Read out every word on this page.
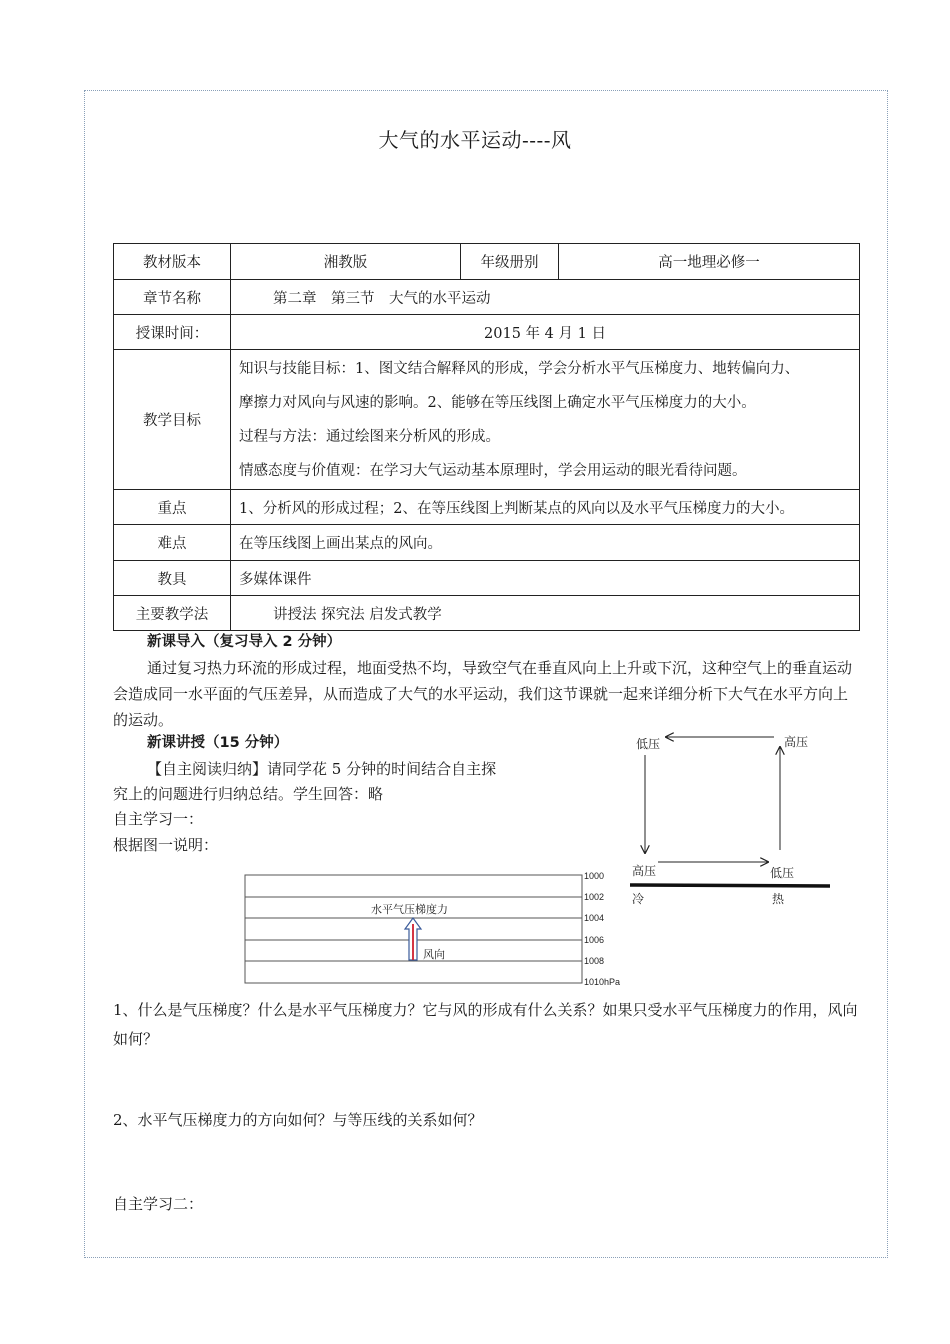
大气的水平运动----风
教材版本	湘教版	年级册别	高一地理必修一
章节名称	第二章　第三节　大气的水平运动		
授课时间：	2015 年 4 月 1 日		
教学目标	知识与技能目标：1、图文结合解释风的形成，学会分析水平气压梯度力、地转偏向力、
摩擦力对风向与风速的影响。2、能够在等压线图上确定水平气压梯度力的大小。
过程与方法：通过绘图来分析风的形成。
情感态度与价值观：在学习大气运动基本原理时，学会用运动的眼光看待问题。		

重点	1、分析风的形成过程；2、在等压线图上判断某点的风向以及水平气压梯度力的大小。		
难点	在等压线图上画出某点的风向。		
教具	多媒体课件		
主要教学法	讲授法 探究法 启发式教学		
新课导入（复习导入 2 分钟）
通过复习热力环流的形成过程，地面受热不均，导致空气在垂直风向上上升或下沉，这种空气上的垂直运动会造成同一水平面的气压差异，从而造成了大气的水平运动，我们这节课就一起来详细分析下大气在水平方向上的运动。
新课讲授（15 分钟）
【自主阅读归纳】请同学花 5 分钟的时间结合自主探
究上的问题进行归纳总结。学生回答：略
自主学习一：
根据图一说明：
低压	高压
高压	低压
冷	热
1000
1002
1004
1006
1008
1010hPa
水平气压梯度力
风向
1、什么是气压梯度？什么是水平气压梯度力？它与风的形成有什么关系？如果只受水平气压梯度力的作用，风向如何？
2、水平气压梯度力的方向如何？与等压线的关系如何？
自主学习二：
